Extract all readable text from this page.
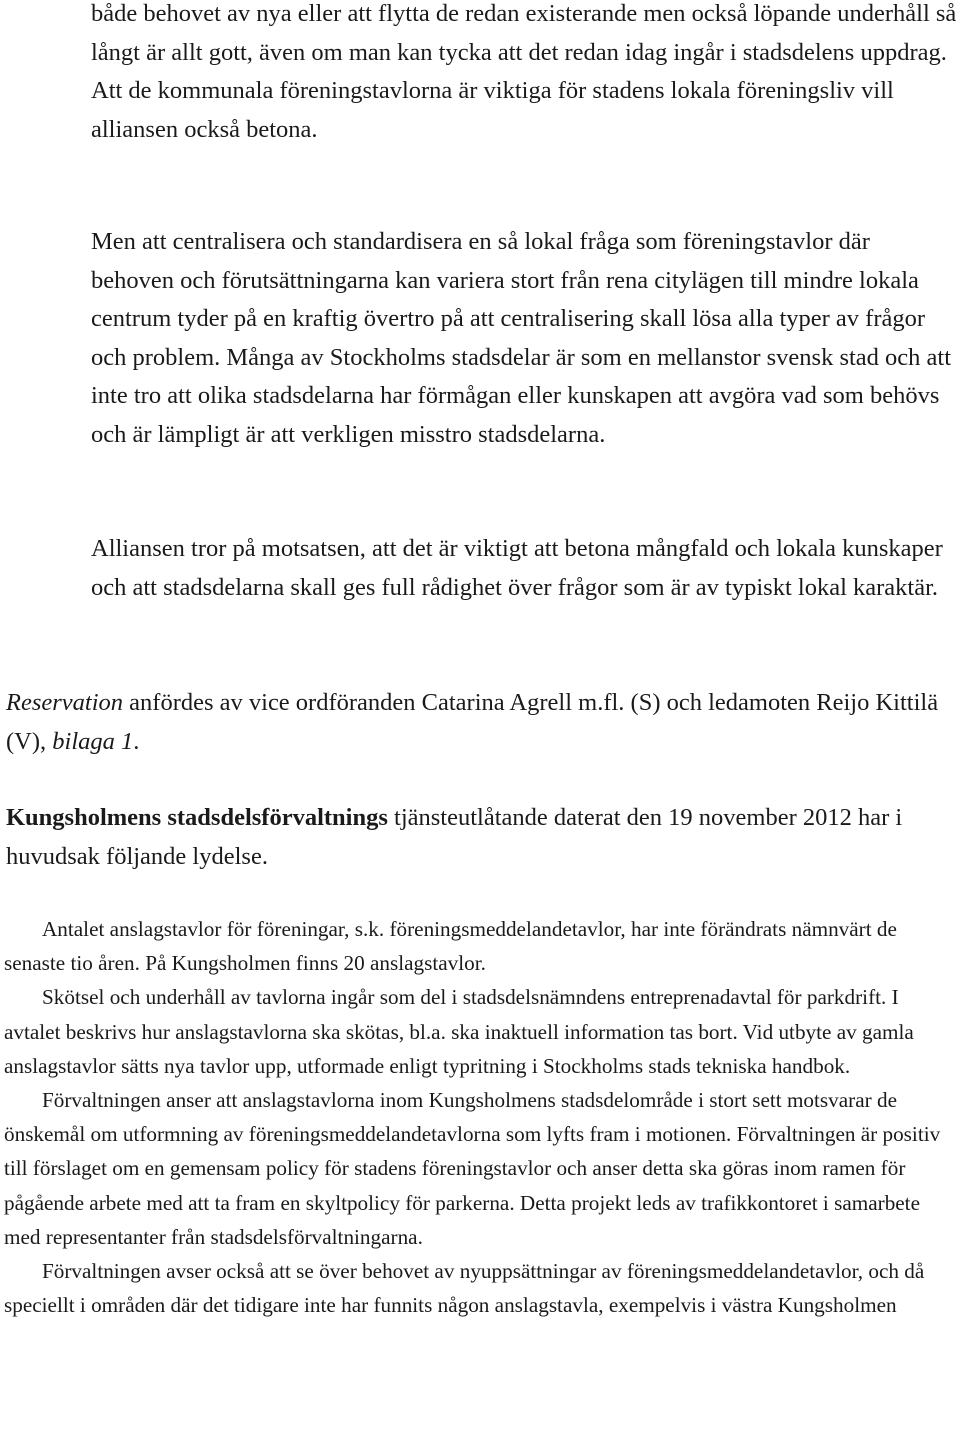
både behovet av nya eller att flytta de redan existerande men också löpande underhåll så långt är allt gott, även om man kan tycka att det redan idag ingår i stadsdelens uppdrag. Att de kommunala föreningstavlorna är viktiga för stadens lokala föreningsliv vill alliansen också betona.

Men att centralisera och standardisera en så lokal fråga som föreningstavlor där behoven och förutsättningarna kan variera stort från rena citylägen till mindre lokala centrum tyder på en kraftig övertro på att centralisering skall lösa alla typer av frågor och problem. Många av Stockholms stadsdelar är som en mellanstor svensk stad och att inte tro att olika stadsdelarna har förmågan eller kunskapen att avgöra vad som behövs och är lämpligt är att verkligen misstro stadsdelarna.

Alliansen tror på motsatsen, att det är viktigt att betona mångfald och lokala kunskaper och att stadsdelarna skall ges full rådighet över frågor som är av typiskt lokal karaktär.

Reservation anfördes av vice ordföranden Catarina Agrell m.fl. (S) och ledamoten Reijo Kittilä (V), bilaga 1.

Kungsholmens stadsdelsförvaltnings tjänsteutlåtande daterat den 19 november 2012 har i huvudsak följande lydelse.

Antalet anslagstavlor för föreningar, s.k. föreningsmeddelandetavlor, har inte förändrats nämnvärt de senaste tio åren. På Kungsholmen finns 20 anslagstavlor.

Skötsel och underhåll av tavlorna ingår som del i stadsdelsnämndens entreprenadavtal för parkdrift. I avtalet beskrivs hur anslagstavlorna ska skötas, bl.a. ska inaktuell information tas bort. Vid utbyte av gamla anslagstavlor sätts nya tavlor upp, utformade enligt typritning i Stockholms stads tekniska handbok.

Förvaltningen anser att anslagstavlorna inom Kungsholmens stadsdelområde i stort sett motsvarar de önskemål om utformning av föreningsmeddelandetavlorna som lyfts fram i motionen. Förvaltningen är positiv till förslaget om en gemensam policy för stadens föreningstavlor och anser detta ska göras inom ramen för pågående arbete med att ta fram en skyltpolicy för parkerna. Detta projekt leds av trafikkontoret i samarbete med representanter från stadsdelsförvaltningarna.

Förvaltningen avser också att se över behovet av nyuppsättningar av föreningsmeddelandetavlor, och då speciellt i områden där det tidigare inte har funnits någon anslagstavla, exempelvis i västra Kungsholmen
